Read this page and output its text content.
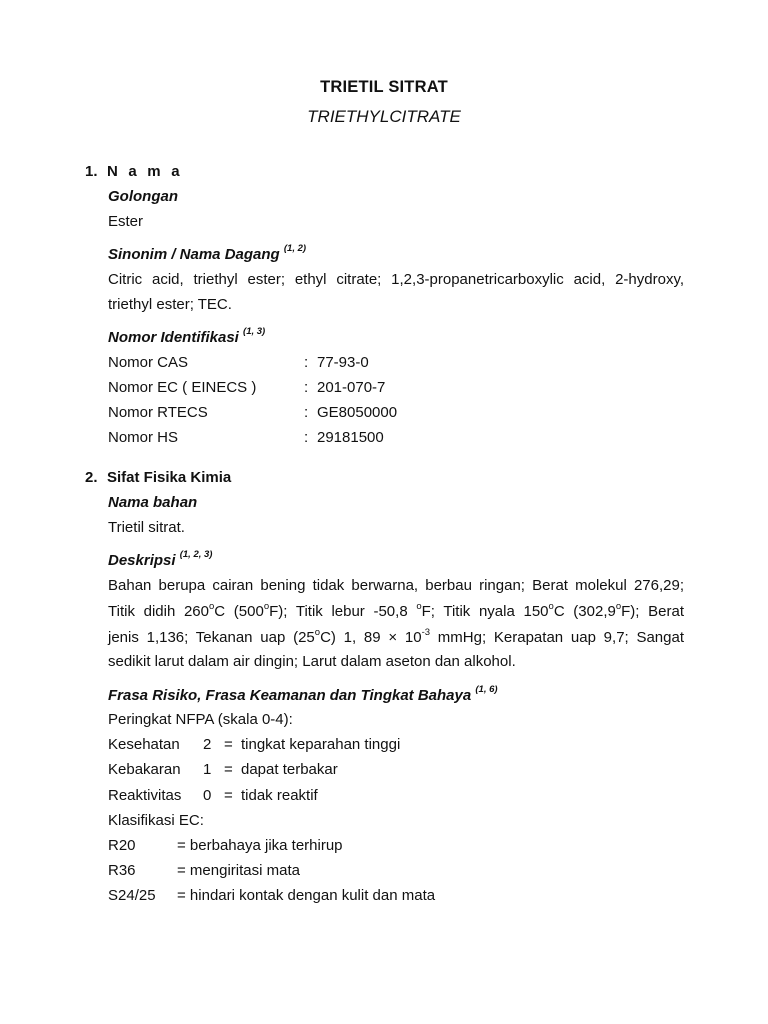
TRIETIL SITRAT
TRIETHYLCITRATE
1. N a m a
Golongan
Ester
Sinonim / Nama Dagang $^{(1, 2)}$
Citric acid, triethyl ester; ethyl citrate; 1,2,3-propanetricarboxylic acid, 2-hydroxy,
triethyl ester; TEC.
Nomor Identifikasi $^{(1, 3)}$
Nomor CAS	: 77-93-0
Nomor EC ( EINECS )	: 201-070-7
Nomor RTECS	: GE8050000
Nomor HS	: 29181500
2. Sifat Fisika Kimia
Nama bahan
Trietil sitrat.
Deskripsi $^{(1, 2, 3)}$
Bahan berupa cairan bening tidak berwarna, berbau ringan; Berat molekul 276,29;
Titik didih 260$^o$C (500$^o$F); Titik lebur -50,8 $^o$F; Titik nyala 150$^o$C (302,9$^o$F); Berat
jenis 1,136; Tekanan uap (25$^o$C) 1, $89 \times 10^{-3}$ mmHg; Kerapatan uap 9,7; Sangat
sedikit larut dalam air dingin; Larut dalam aseton dan alkohol.
Frasa Risiko, Frasa Keamanan dan Tingkat Bahaya $^{(1, 6)}$
Peringkat NFPA (skala 0-4):
Kesehatan 2 = tingkat keparahan tinggi
Kebakaran 1 = dapat terbakar
Reaktivitas 0 = tidak reaktif
Klasifikasi EC:
R20	= berbahaya jika terhirup
R36	= mengiritasi mata
S24/25 = hindari kontak dengan kulit dan mata
